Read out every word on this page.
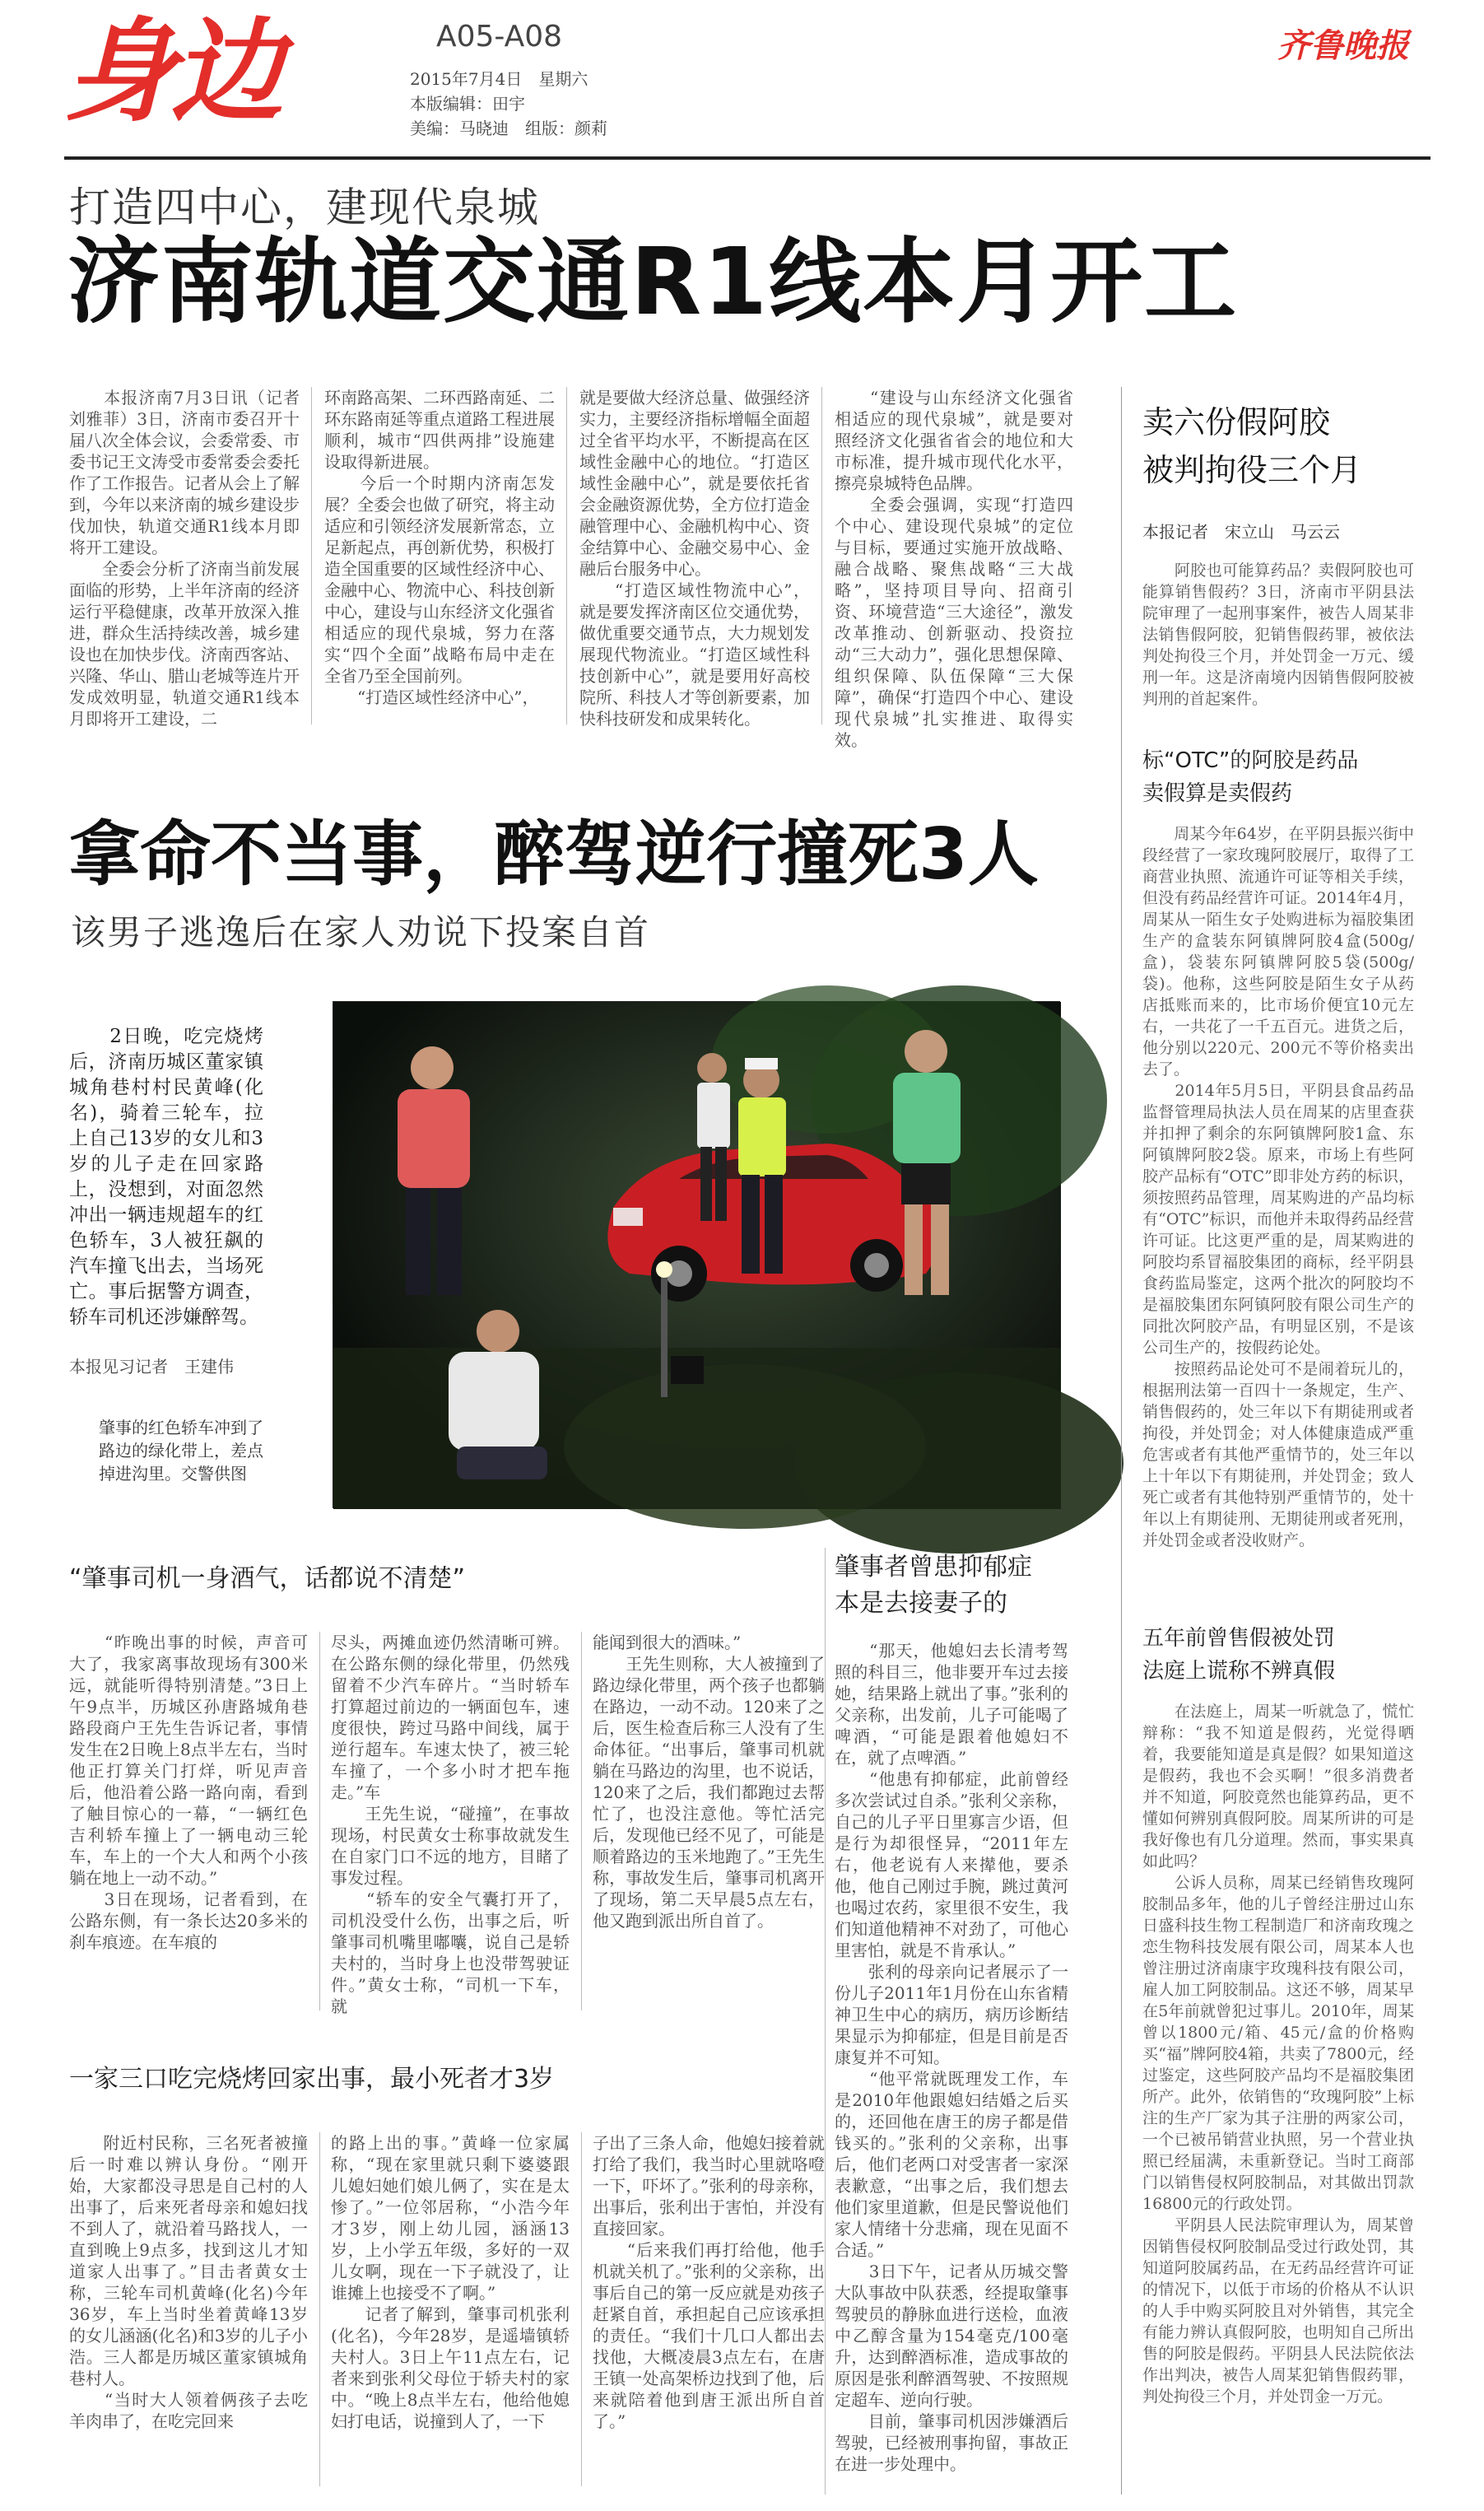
身边	A05-A08
2015年7月4日　星期六
本版编辑：田宇
美编：马晓迪　组版：颜莉
齐鲁晚报
打造四中心，建现代泉城
济南轨道交通R1线本月开工
　　本报济南7月3日讯（记者刘雅菲）3日，济南市委召开十届八次全体会议，会委常委、市委书记王文涛受市委常委会委托作了工作报告。记者从会上了解到，今年以来济南的城乡建设步伐加快，轨道交通R1线本月即将开工建设。
　　全委会分析了济南当前发展面临的形势，上半年济南的经济运行平稳健康，改革开放深入推进，群众生活持续改善，城乡建设也在加快步伐。济南西客站、兴隆、华山、腊山老城等连片开发成效明显，轨道交通R1线本月即将开工建设，二
环南路高架、二环西路南延、二环东路南延等重点道路工程进展顺利，城市“四供两排”设施建设取得新进展。
　　今后一个时期内济南怎发展？全委会也做了研究，将主动适应和引领经济发展新常态，立足新起点，再创新优势，积极打造全国重要的区域性经济中心、金融中心、物流中心、科技创新中心，建设与山东经济文化强省相适应的现代泉城，努力在落实“四个全面”战略布局中走在全省乃至全国前列。
　　“打造区域性经济中心”，
就是要做大经济总量、做强经济实力，主要经济指标增幅全面超过全省平均水平，不断提高在区域性金融中心的地位。“打造区域性金融中心”，就是要依托省会金融资源优势，全方位打造金融管理中心、金融机构中心、资金结算中心、金融交易中心、金融后台服务中心。
　　“打造区域性物流中心”，就是要发挥济南区位交通优势，做优重要交通节点，大力规划发展现代物流业。“打造区域性科技创新中心”，就是要用好高校院所、科技人才等创新要素，加快科技研发和成果转化。
　　“建设与山东经济文化强省相适应的现代泉城”，就是要对照经济文化强省省会的地位和大市标准，提升城市现代化水平，擦亮泉城特色品牌。
　　全委会强调，实现“打造四个中心、建设现代泉城”的定位与目标，要通过实施开放战略、融合战略、聚焦战略“三大战略”，坚持项目导向、招商引资、环境营造“三大途径”，激发改革推动、创新驱动、投资拉动“三大动力”，强化思想保障、组织保障、队伍保障“三大保障”，确保“打造四个中心、建设现代泉城”扎实推进、取得实效。
拿命不当事，醉驾逆行撞死3人
该男子逃逸后在家人劝说下投案自首
　　2日晚，吃完烧烤后，济南历城区董家镇城角巷村村民黄峰(化名)，骑着三轮车，拉上自己13岁的女儿和3岁的儿子走在回家路上，没想到，对面忽然冲出一辆违规超车的红色轿车，3人被狂飙的汽车撞飞出去，当场死亡。事后据警方调查，轿车司机还涉嫌醉驾。
本报见习记者　王建伟
肇事的红色轿车冲到了路边的绿化带上，差点掉进沟里。交警供图
“肇事司机一身酒气，话都说不清楚”
　　“昨晚出事的时候，声音可大了，我家离事故现场有300米远，就能听得特别清楚。”3日上午9点半，历城区孙唐路城角巷路段商户王先生告诉记者，事情发生在2日晚上8点半左右，当时他正打算关门打烊，听见声音后，他沿着公路一路向南，看到了触目惊心的一幕，“一辆红色吉利轿车撞上了一辆电动三轮车，车上的一个大人和两个小孩躺在地上一动不动。”
　　3日在现场，记者看到，在公路东侧，有一条长达20多米的刹车痕迹。在车痕的
尽头，两摊血迹仍然清晰可辨。在公路东侧的绿化带里，仍然残留着不少汽车碎片。“当时轿车打算超过前边的一辆面包车，速度很快，跨过马路中间线，属于逆行超车。车速太快了，被三轮车撞了，一个多小时才把车拖走。”车
　　王先生说，“碰撞”，在事故现场，村民黄女士称事故就发生在自家门口不远的地方，目睹了事发过程。
　　“轿车的安全气囊打开了，司机没受什么伤，出事之后，听肇事司机嘴里嘟囔，说自己是轿夫村的，当时身上也没带驾驶证件。”黄女士称，“司机一下车，就
能闻到很大的酒味。”
　　王先生则称，大人被撞到了路边绿化带里，两个孩子也都躺在路边，一动不动。120来了之后，医生检查后称三人没有了生命体征。“出事后，肇事司机就躺在马路边的沟里，也不说话，120来了之后，我们都跑过去帮忙了，也没注意他。等忙活完后，发现他已经不见了，可能是顺着路边的玉米地跑了。”王先生称，事故发生后，肇事司机离开了现场，第二天早晨5点左右，他又跑到派出所自首了。
一家三口吃完烧烤回家出事，最小死者才3岁
　　附近村民称，三名死者被撞后一时难以辨认身份。“刚开始，大家都没寻思是自己村的人出事了，后来死者母亲和媳妇找不到人了，就沿着马路找人，一直到晚上9点多，找到这儿才知道家人出事了。”目击者黄女士称，三轮车司机黄峰(化名)今年36岁，车上当时坐着黄峰13岁的女儿涵涵(化名)和3岁的儿子小浩。三人都是历城区董家镇城角巷村人。
　　“当时大人领着俩孩子去吃羊肉串了，在吃完回来
的路上出的事。”黄峰一位家属称，“现在家里就只剩下婆婆跟儿媳妇她们娘儿俩了，实在是太惨了。”一位邻居称，“小浩今年才3岁，刚上幼儿园，涵涵13岁，上小学五年级，多好的一双儿女啊，现在一下子就没了，让谁摊上也接受不了啊。”
　　记者了解到，肇事司机张利(化名)，今年28岁，是遥墙镇轿夫村人。3日上午11点左右，记者来到张利父母位于轿夫村的家中。“晚上8点半左右，他给他媳妇打电话，说撞到人了，一下
子出了三条人命，他媳妇接着就打给了我们，我当时心里就咯噔一下，吓坏了。”张利的母亲称，出事后，张利出于害怕，并没有直接回家。
　　“后来我们再打给他，他手机就关机了。”张利的父亲称，出事后自己的第一反应就是劝孩子赶紧自首，承担起自己应该承担的责任。“我们十几口人都出去找他，大概凌晨3点左右，在唐王镇一处高架桥边找到了他，后来就陪着他到唐王派出所自首了。”
肇事者曾患抑郁症
本是去接妻子的
　　“那天，他媳妇去长清考驾照的科目三，他非要开车过去接她，结果路上就出了事。”张利的父亲称，出发前，儿子可能喝了啤酒，“可能是跟着他媳妇不在，就了点啤酒。”
　　“他患有抑郁症，此前曾经多次尝试过自杀。”张利父亲称，自己的儿子平日里寡言少语，但是行为却很怪异，“2011年左右，他老说有人来撵他，要杀他，他自己刚过手腕，跳过黄河也喝过农药，家里很不安生，我们知道他精神不对劲了，可他心里害怕，就是不肯承认。”
　　张利的母亲向记者展示了一份儿子2011年1月份在山东省精神卫生中心的病历，病历诊断结果显示为抑郁症，但是目前是否康复并不可知。
　　“他平常就既理发工作，车是2010年他跟媳妇结婚之后买的，还回他在唐王的房子都是借钱买的。”张利的父亲称，出事后，他们老两口对受害者一家深表歉意，“出事之后，我们想去他们家里道歉，但是民警说他们家人情绪十分悲痛，现在见面不合适。”
　　3日下午，记者从历城交警大队事故中队获悉，经提取肇事驾驶员的静脉血进行送检，血液中乙醇含量为154毫克/100毫升，达到醉酒标准，造成事故的原因是张利醉酒驾驶、不按照规定超车、逆向行驶。
　　目前，肇事司机因涉嫌酒后驾驶，已经被刑事拘留，事故正在进一步处理中。
卖六份假阿胶
被判拘役三个月
本报记者　宋立山　马云云
　　阿胶也可能算药品？卖假阿胶也可能算销售假药？3日，济南市平阴县法院审理了一起刑事案件，被告人周某非法销售假阿胶，犯销售假药罪，被依法判处拘役三个月，并处罚金一万元、缓刑一年。这是济南境内因销售假阿胶被判刑的首起案件。
标“OTC”的阿胶是药品
卖假算是卖假药
　　周某今年64岁，在平阴县振兴街中段经营了一家玫瑰阿胶展厅，取得了工商营业执照、流通许可证等相关手续，但没有药品经营许可证。2014年4月，周某从一陌生女子处购进标为福胶集团生产的盒装东阿镇牌阿胶4盒(500g/盒)，袋装东阿镇牌阿胶5袋(500g/袋)。他称，这些阿胶是陌生女子从药店抵账而来的，比市场价便宜10元左右，一共花了一千五百元。进货之后，他分别以220元、200元不等价格卖出去了。
　　2014年5月5日，平阴县食品药品监督管理局执法人员在周某的店里查获并扣押了剩余的东阿镇牌阿胶1盒、东阿镇牌阿胶2袋。原来，市场上有些阿胶产品标有“OTC”即非处方药的标识，须按照药品管理，周某购进的产品均标有“OTC”标识，而他并未取得药品经营许可证。比这更严重的是，周某购进的阿胶均系冒福胶集团的商标，经平阴县食药监局鉴定，这两个批次的阿胶均不是福胶集团东阿镇阿胶有限公司生产的同批次阿胶产品，有明显区别，不是该公司生产的，按假药论处。
　　按照药品论处可不是闹着玩儿的，根据刑法第一百四十一条规定，生产、销售假药的，处三年以下有期徒刑或者拘役，并处罚金；对人体健康造成严重危害或者有其他严重情节的，处三年以上十年以下有期徒刑，并处罚金；致人死亡或者有其他特别严重情节的，处十年以上有期徒刑、无期徒刑或者死刑，并处罚金或者没收财产。
五年前曾售假被处罚
法庭上谎称不辨真假
　　在法庭上，周某一听就急了，慌忙辩称：“我不知道是假药，光觉得晒着，我要能知道是真是假？如果知道这是假药，我也不会买啊！”很多消费者并不知道，阿胶竟然也能算药品，更不懂如何辨别真假阿胶。周某所讲的可是我好像也有几分道理。然而，事实果真如此吗？
　　公诉人员称，周某已经销售玫瑰阿胶制品多年，他的儿子曾经注册过山东日盛科技生物工程制造厂和济南玫瑰之恋生物科技发展有限公司，周某本人也曾注册过济南康宇玫瑰科技有限公司，雇人加工阿胶制品。这还不够，周某早在5年前就曾犯过事儿。2010年，周某曾以1800元/箱、45元/盒的价格购买“福”牌阿胶4箱，共卖了7800元，经过鉴定，这些阿胶产品均不是福胶集团所产。此外，依销售的“玫瑰阿胶”上标注的生产厂家为其子注册的两家公司，一个已被吊销营业执照，另一个营业执照已经届满，未重新登记。当时工商部门以销售侵权阿胶制品，对其做出罚款16800元的行政处罚。
　　平阴县人民法院审理认为，周某曾因销售侵权阿胶制品受过行政处罚，其知道阿胶属药品，在无药品经营许可证的情况下，以低于市场的价格从不认识的人手中购买阿胶且对外销售，其完全有能力辨认真假阿胶，也明知自己所出售的阿胶是假药。平阴县人民法院依法作出判决，被告人周某犯销售假药罪，判处拘役三个月，并处罚金一万元。
